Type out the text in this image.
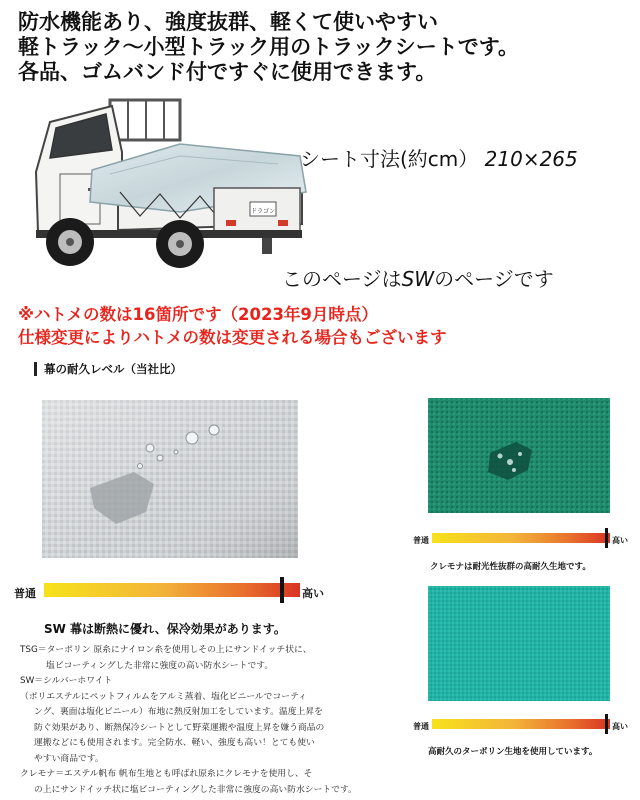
防水機能あり、強度抜群、軽くて使いやすい
軽トラック〜小型トラック用のトラックシートです。
各品、ゴムバンド付ですぐに使用できます。
ドラゴン
シート寸法(約cm） 210×265
このページはSWのページです
※ハトメの数は16箇所です（2023年9月時点）
仕様変更によりハトメの数は変更される場合もございます
幕の耐久レベル（当社比）
普通	高い
SW 幕は断熱に優れ、保冷効果があります。

TSG＝ターポリン 原糸にナイロン糸を使用しその上にサンドイッチ状に、

塩ビコーティングした非常に強度の高い防水シートです。

SW＝シルバーホワイト

（ポリエステルにペットフィルムをアルミ蒸着、塩化ビニールでコーティ

ング、裏面は塩化ビニール）布地に熱反射加工をしています。温度上昇を

防ぐ効果があり、断熱保冷シートとして野菜運搬や温度上昇を嫌う商品の

運搬などにも使用されます。完全防水、軽い、強度も高い！とても使い

やすい商品です。

クレモナ＝エステル帆布 帆布生地とも呼ばれ原糸にクレモナを使用し、そ

の上にサンドイッチ状に塩ビコーティングした非常に強度の高い防水シートです。

普通	高い
クレモナは耐光性抜群の高耐久生地です。
普通	高い
高耐久のターボリン生地を使用しています。
